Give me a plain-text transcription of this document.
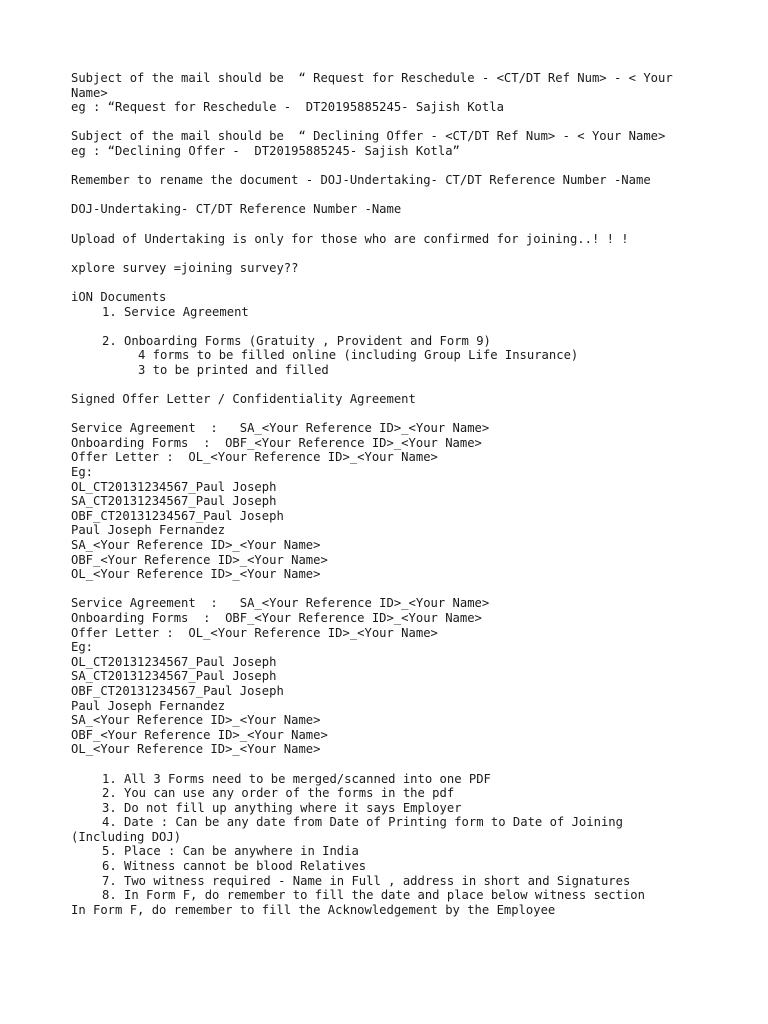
Subject of the mail should be  “ Request for Reschedule - <CT/DT Ref Num> - < Your Name>
eg : “Request for Reschedule -  DT20195885245- Sajish Kotla
Subject of the mail should be  “ Declining Offer - <CT/DT Ref Num> - < Your Name>
eg : “Declining Offer -  DT20195885245- Sajish Kotla”
Remember to rename the document - DOJ-Undertaking- CT/DT Reference Number -Name
DOJ-Undertaking- CT/DT Reference Number -Name
Upload of Undertaking is only for those who are confirmed for joining..! ! !
xplore survey =joining survey??
iON Documents
1. Service Agreement
2. Onboarding Forms (Gratuity , Provident and Form 9)
4 forms to be filled online (including Group Life Insurance)
3 to be printed and filled
Signed Offer Letter / Confidentiality Agreement
Service Agreement  :   SA_<Your Reference ID>_<Your Name>
Onboarding Forms  :  OBF_<Your Reference ID>_<Your Name>
Offer Letter :  OL_<Your Reference ID>_<Your Name>
Eg:
OL_CT20131234567_Paul Joseph
SA_CT20131234567_Paul Joseph
OBF_CT20131234567_Paul Joseph
Paul Joseph Fernandez
SA_<Your Reference ID>_<Your Name>
OBF_<Your Reference ID>_<Your Name>
OL_<Your Reference ID>_<Your Name>
Service Agreement  :   SA_<Your Reference ID>_<Your Name>
Onboarding Forms  :  OBF_<Your Reference ID>_<Your Name>
Offer Letter :  OL_<Your Reference ID>_<Your Name>
Eg:
OL_CT20131234567_Paul Joseph
SA_CT20131234567_Paul Joseph
OBF_CT20131234567_Paul Joseph
Paul Joseph Fernandez
SA_<Your Reference ID>_<Your Name>
OBF_<Your Reference ID>_<Your Name>
OL_<Your Reference ID>_<Your Name>
1. All 3 Forms need to be merged/scanned into one PDF
2. You can use any order of the forms in the pdf
3. Do not fill up anything where it says Employer
4. Date : Can be any date from Date of Printing form to Date of Joining
(Including DOJ)
5. Place : Can be anywhere in India
6. Witness cannot be blood Relatives
7. Two witness required - Name in Full , address in short and Signatures
8. In Form F, do remember to fill the date and place below witness section
In Form F, do remember to fill the Acknowledgement by the Employee
